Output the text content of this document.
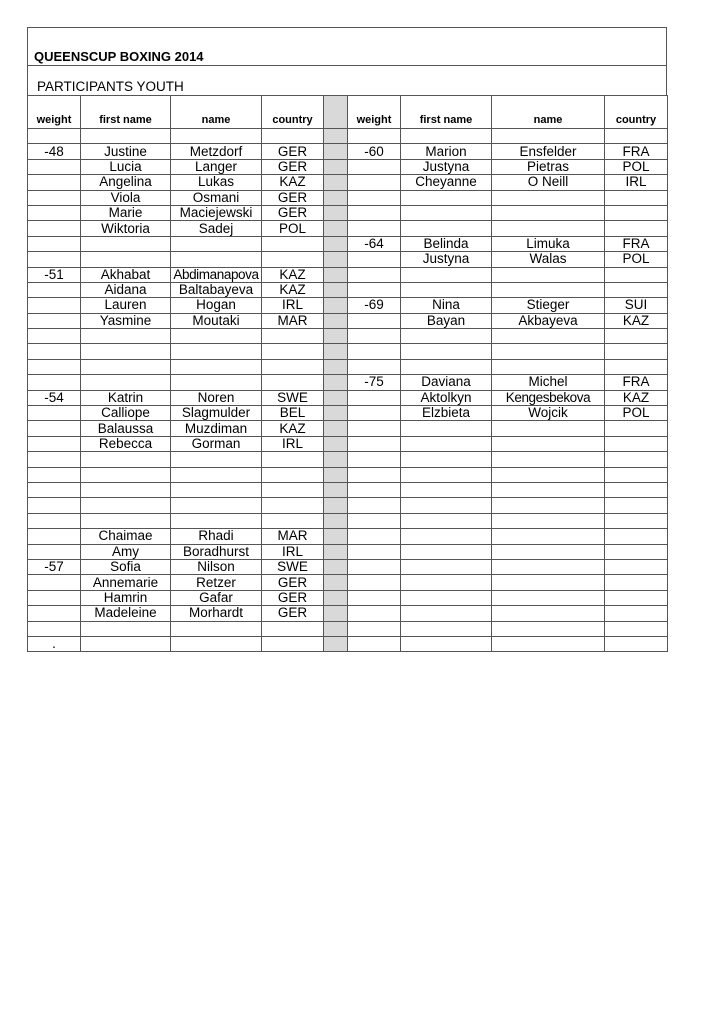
QUEENSCUP BOXING 2014
PARTICIPANTS YOUTH
weight	first name	name	country		weight	first name	name	country

-48	Justine	Metzdorf	GER		-60	Marion	Ensfelder	FRA
	Lucia	Langer	GER			Justyna	Pietras	POL
	Angelina	Lukas	KAZ			Cheyanne	O Neill	IRL
	Viola	Osmani	GER					
	Marie	Maciejewski	GER					
	Wiktoria	Sadej	POL					
					-64	Belinda	Limuka	FRA
						Justyna	Walas	POL
-51	Akhabat	Abdimanapova	KAZ					
	Aidana	Baltabayeva	KAZ					
	Lauren	Hogan	IRL		-69	Nina	Stieger	SUI
	Yasmine	Moutaki	MAR			Bayan	Akbayeva	KAZ

					-75	Daviana	Michel	FRA
-54	Katrin	Noren	SWE			Aktolkyn	Kengesbekova	KAZ
	Calliope	Slagmulder	BEL			Elzbieta	Wojcik	POL
	Balaussa	Muzdiman	KAZ					
	Rebecca	Gorman	IRL					

	Chaimae	Rhadi	MAR					
	Amy	Boradhurst	IRL					
-57	Sofia	Nilson	SWE					
	Annemarie	Retzer	GER					
	Hamrin	Gafar	GER					
	Madeleine	Morhardt	GER					

.								
